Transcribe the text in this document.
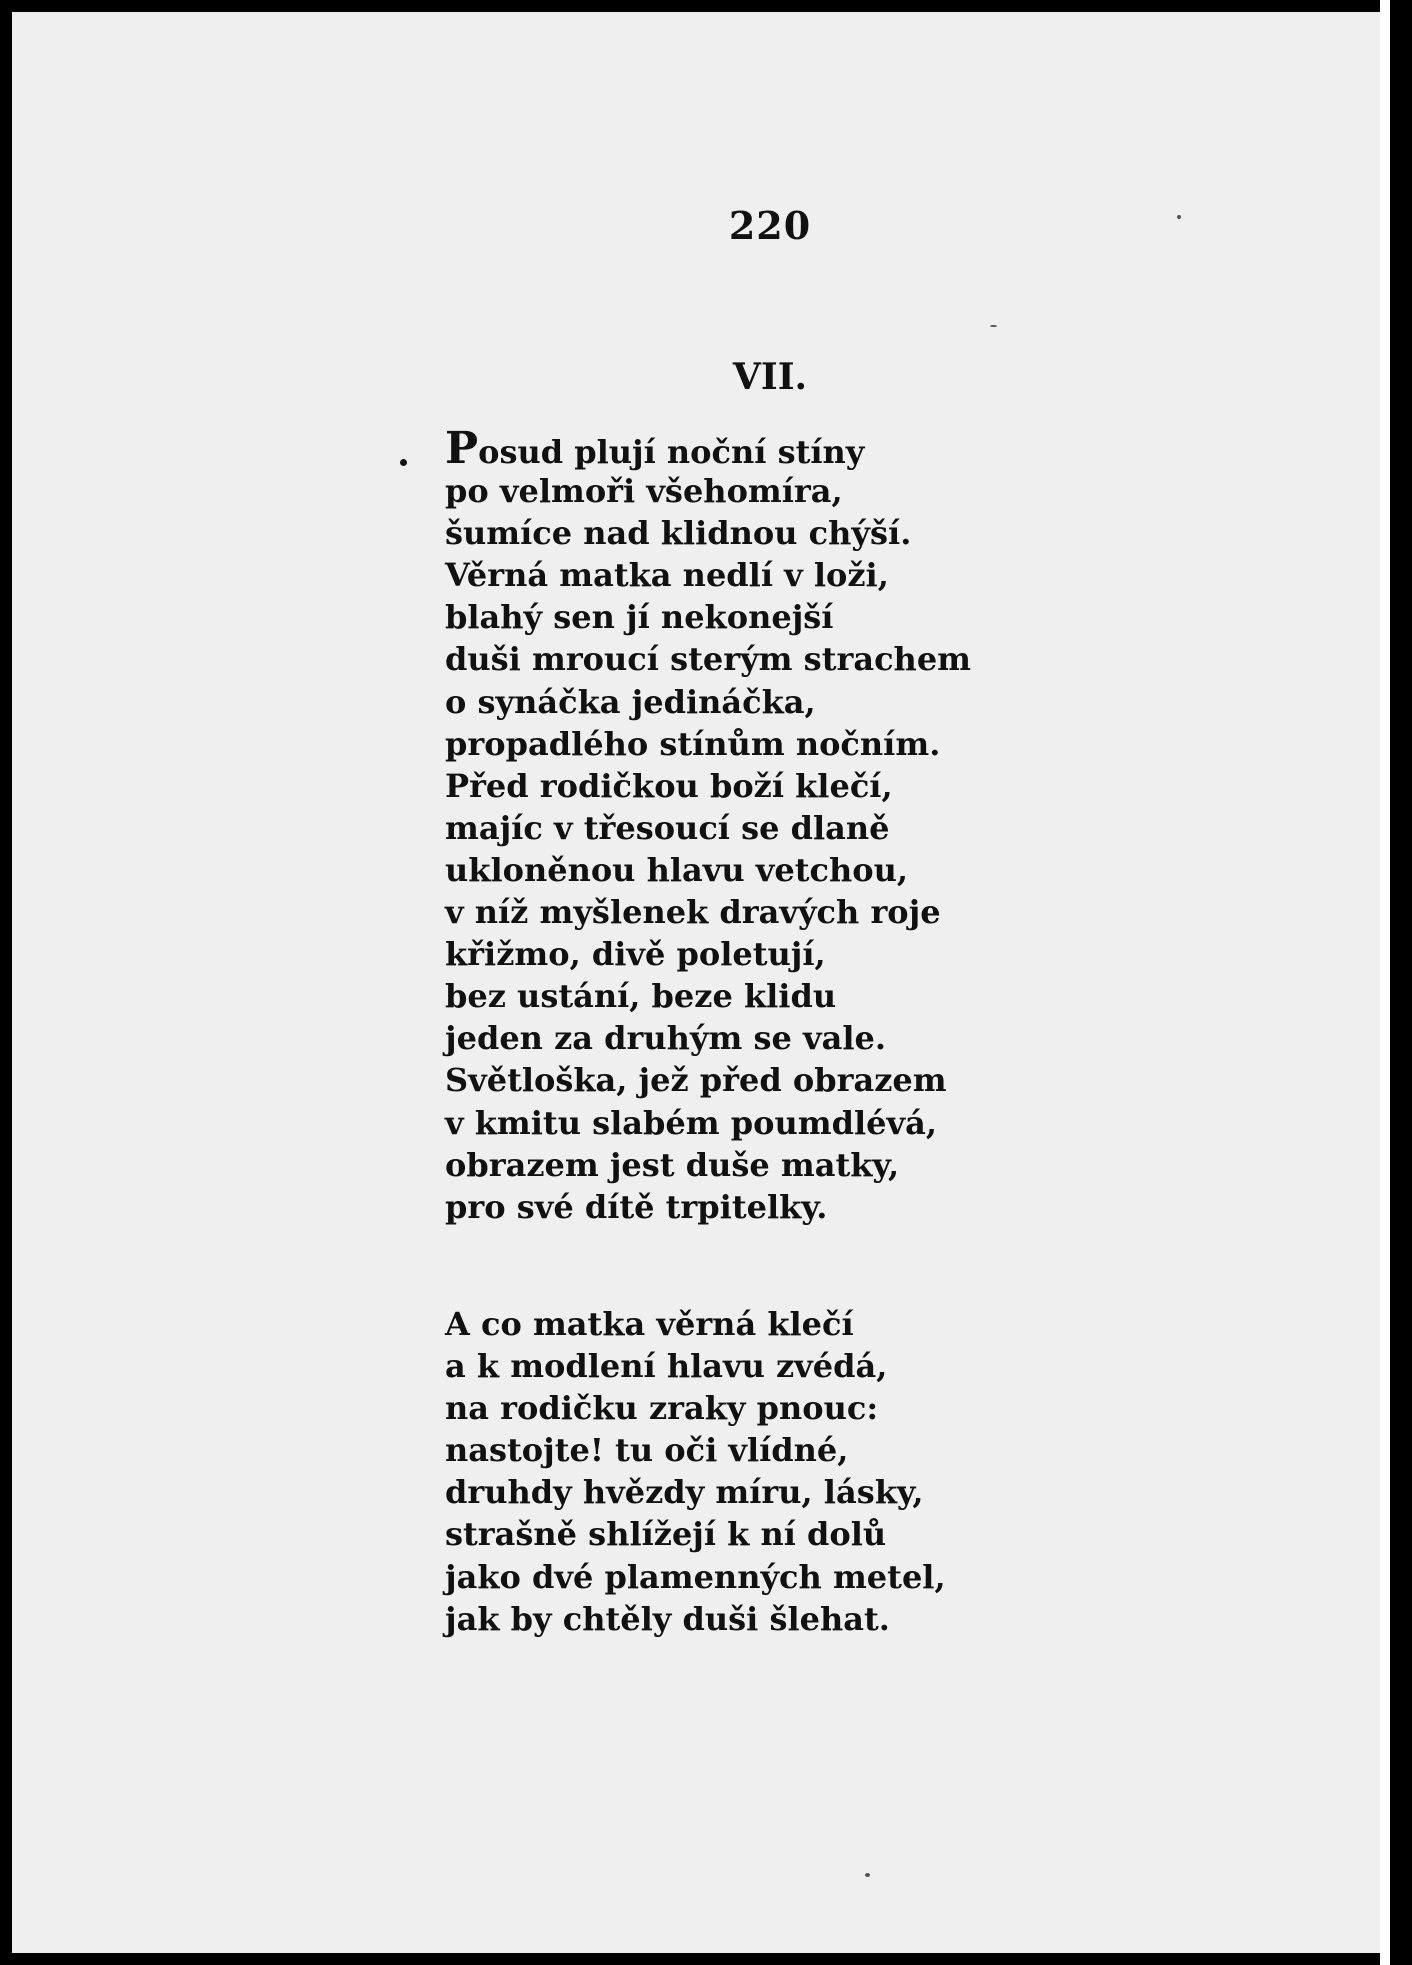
220
VII.
Posud plují noční stíny
po velmoři všehomíra,
šumíce nad klidnou chýší.
Věrná matka nedlí v loži,
blahý sen jí nekonejší
duši mroucí sterým strachem
o synáčka jedináčka,
propadlého stínům nočním.
Před rodičkou boží klečí,
majíc v třesoucí se dlaně
ukloněnou hlavu vetchou,
v níž myšlenek dravých roje
křižmo, divě poletují,
bez ustání, beze klidu
jeden za druhým se vale.
Světloška, jež před obrazem
v kmitu slabém poumdlévá,
obrazem jest duše matky,
pro své dítě trpitelky.
A co matka věrná klečí
a k modlení hlavu zvédá,
na rodičku zraky pnouc:
nastojte! tu oči vlídné,
druhdy hvězdy míru, lásky,
strašně shlížejí k ní dolů
jako dvé plamenných metel,
jak by chtěly duši šlehat.
